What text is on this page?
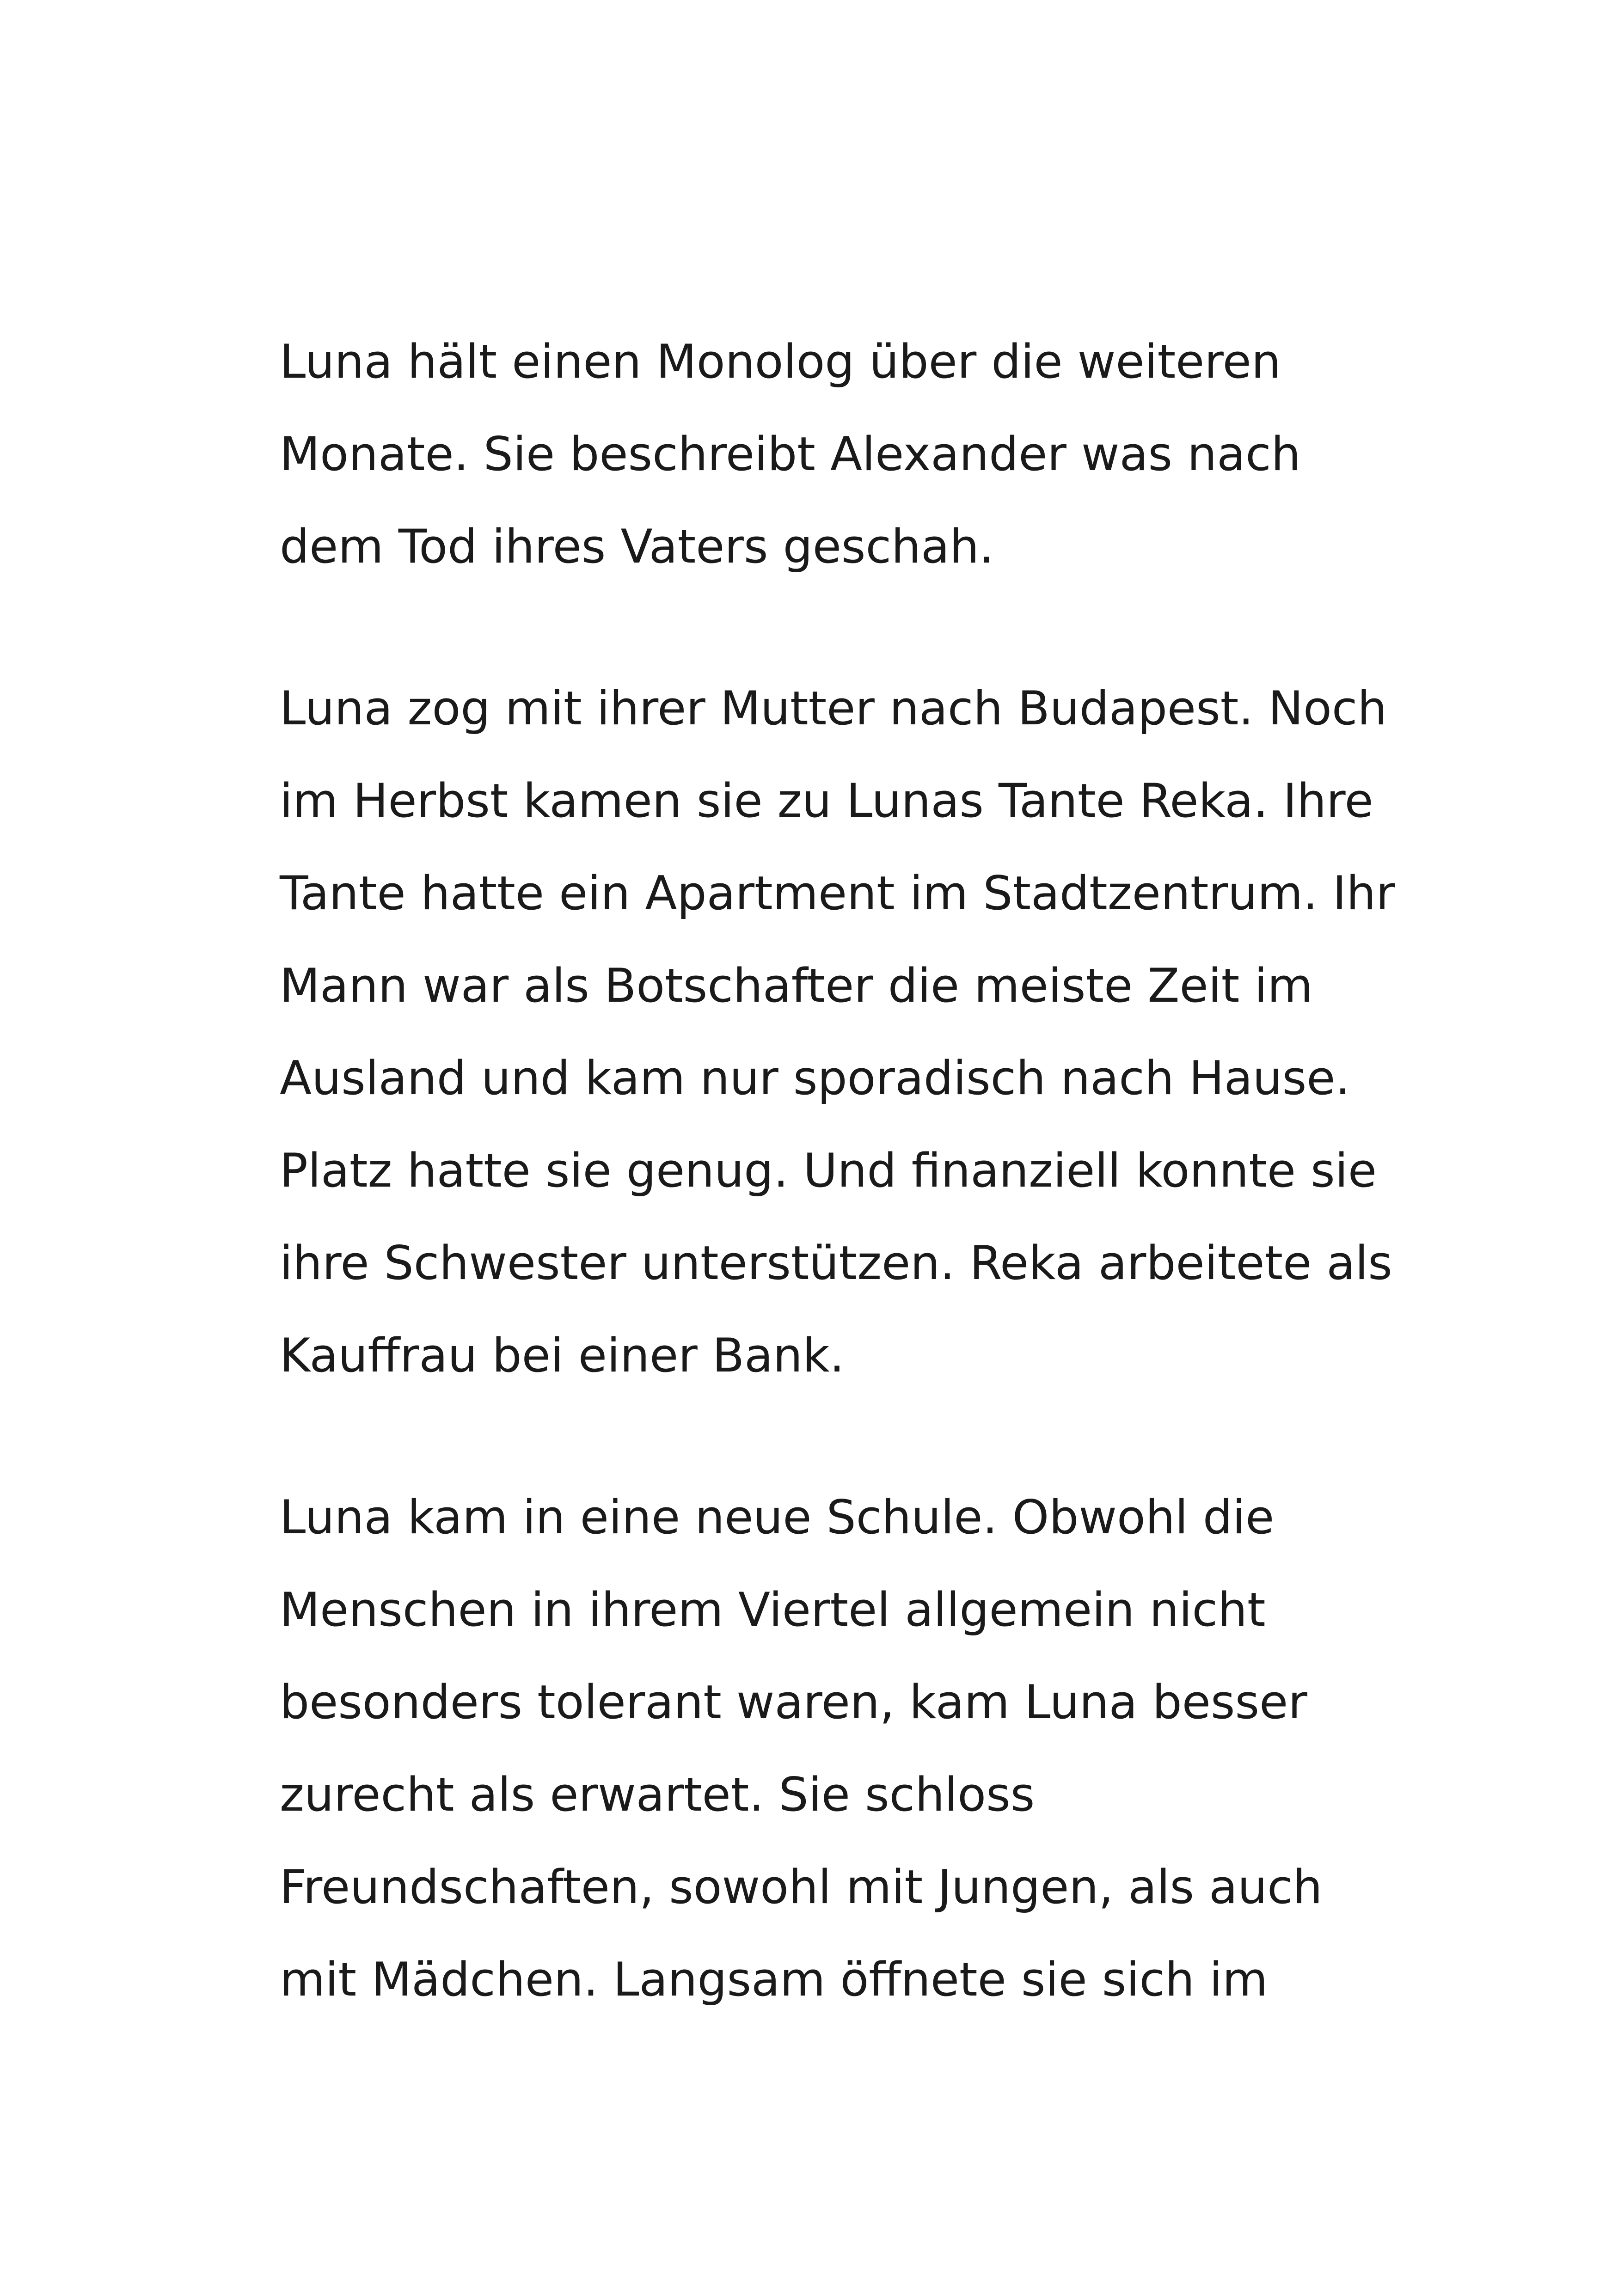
Luna hält einen Monolog über die weiteren
Monate. Sie beschreibt Alexander was nach
dem Tod ihres Vaters geschah.

Luna zog mit ihrer Mutter nach Budapest. Noch
im Herbst kamen sie zu Lunas Tante Reka. Ihre
Tante hatte ein Apartment im Stadtzentrum. Ihr
Mann war als Botschafter die meiste Zeit im
Ausland und kam nur sporadisch nach Hause.
Platz hatte sie genug. Und finanziell konnte sie
ihre Schwester unterstützen. Reka arbeitete als
Kauffrau bei einer Bank.

Luna kam in eine neue Schule. Obwohl die
Menschen in ihrem Viertel allgemein nicht
besonders tolerant waren, kam Luna besser
zurecht als erwartet. Sie schloss
Freundschaften, sowohl mit Jungen, als auch
mit Mädchen. Langsam öffnete sie sich im
